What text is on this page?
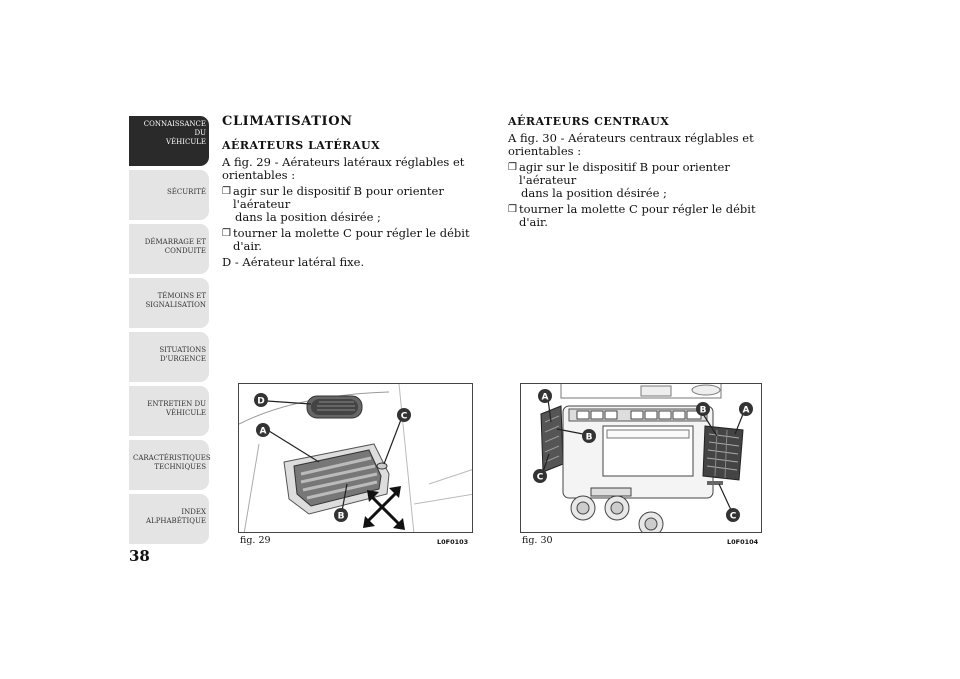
CONNAISSANCE DU
VÉHICULE
SÉCURITÉ
DÉMARRAGE ET
CONDUITE
TÉMOINS ET
SIGNALISATION
SITUATIONS
D'URGENCE
ENTRETIEN DU
VÉHICULE
CARACTÉRISTIQUES
TECHNIQUES
INDEX
ALPHABÉTIQUE
38
CLIMATISATION
AÉRATEURS LATÉRAUX

A fig. 29 - Aérateurs latéraux réglables et orientables :

❒ agir sur le dispositif B pour orienter l'aérateur
dans la position désirée ;
❒ tourner la molette C pour régler le débit d'air.

D - Aérateur latéral fixe.

AÉRATEURS CENTRAUX

A fig. 30 - Aérateurs centraux réglables et orientables :

❒ agir sur le dispositif B pour orienter l'aérateur
dans la position désirée ;
❒ tourner la molette C pour régler le débit d'air.
D
A
C
B
fig. 29	L0F0103
A
B
C
B	A
C
fig. 30	L0F0104
